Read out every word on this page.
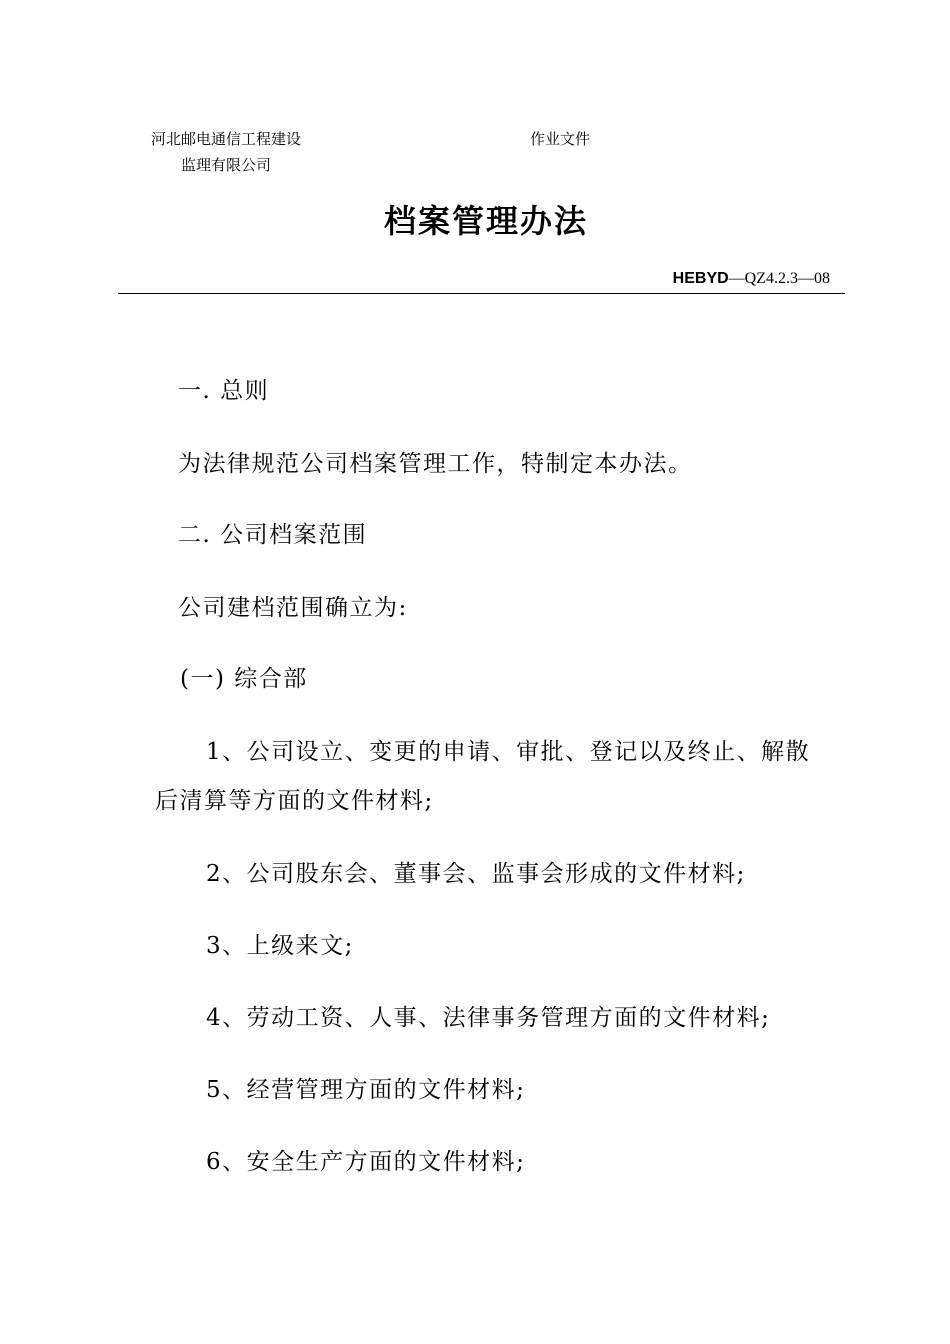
河北邮电通信工程建设
监理有限公司
作业文件
档案管理办法
HEBYD—QZ4.2.3—08
一. 总则
为法律规范公司档案管理工作，特制定本办法。
二. 公司档案范围
公司建档范围确立为:
(一) 综合部
1、公司设立、变更的申请、审批、登记以及终止、解散
后清算等方面的文件材料;
2、公司股东会、董事会、监事会形成的文件材料;
3、上级来文;
4、劳动工资、人事、法律事务管理方面的文件材料;
5、经营管理方面的文件材料;
6、安全生产方面的文件材料;
